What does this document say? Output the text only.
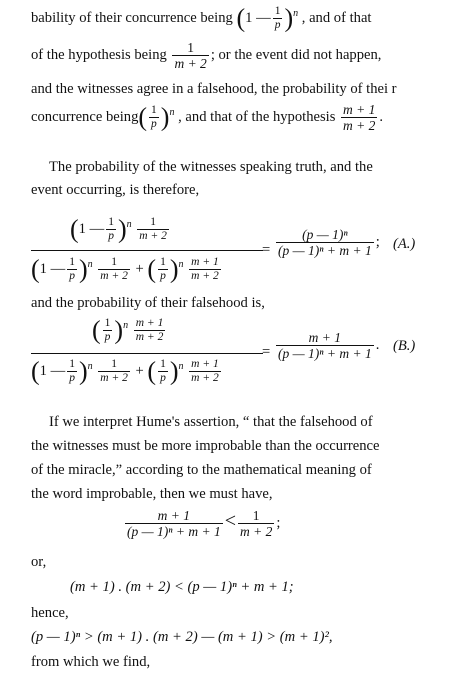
bability of their concurrence being (1 — $\frac{1}{p} )^n$ , and of that
of the hypothesis being $\frac{1}{m + 2}$ ; or the event did not happen,
and the witnesses agree in a falsehood, the probability of thei r
concurrence being( $\frac{1}{p} )^n$ , and that of the hypothesis $\frac{m + 1}{m + 2}$ .
The probability of the witnesses speaking truth, and the
event occurring, is therefore,
(1 — $\frac{1}{p} )^n \frac{1}{m + 2}$
(1 — $\frac{1}{p} )^n \frac{1}{m + 2}$ + ( $\frac{1}{p} )^n \frac{m + 1}{m + 2}$
= $\frac{\text{(p — 1)ⁿ}}{\text{(p — 1)ⁿ + m + 1}}$ ; (A.)
and the probability of their falsehood is,
( $\frac{1}{p} )^n \frac{m + 1}{m + 2}$
(1 — $\frac{1}{p} )^n \frac{1}{m + 2}$ + ( $\frac{1}{p} )^n \frac{m + 1}{m + 2}$
= $\frac{m + 1}{\text{(p — 1)ⁿ + m + 1}}$ . (B.)
If we interpret Hume's assertion, “ that the falsehood of
the witnesses must be more improbable than the occurrence
of the miracle,” according to the mathematical meaning of
the word improbable, then we must have,
$\frac{m + 1}{\text{(p — 1)ⁿ + m + 1}} < \frac{1}{m + 2}$ ;
or,
(m + 1) . (m + 2) < (p — 1)ⁿ + m + 1;
hence,
(p — 1)ⁿ > (m + 1) . (m + 2) — (m + 1) > (m + 1)²,
from which we find,
